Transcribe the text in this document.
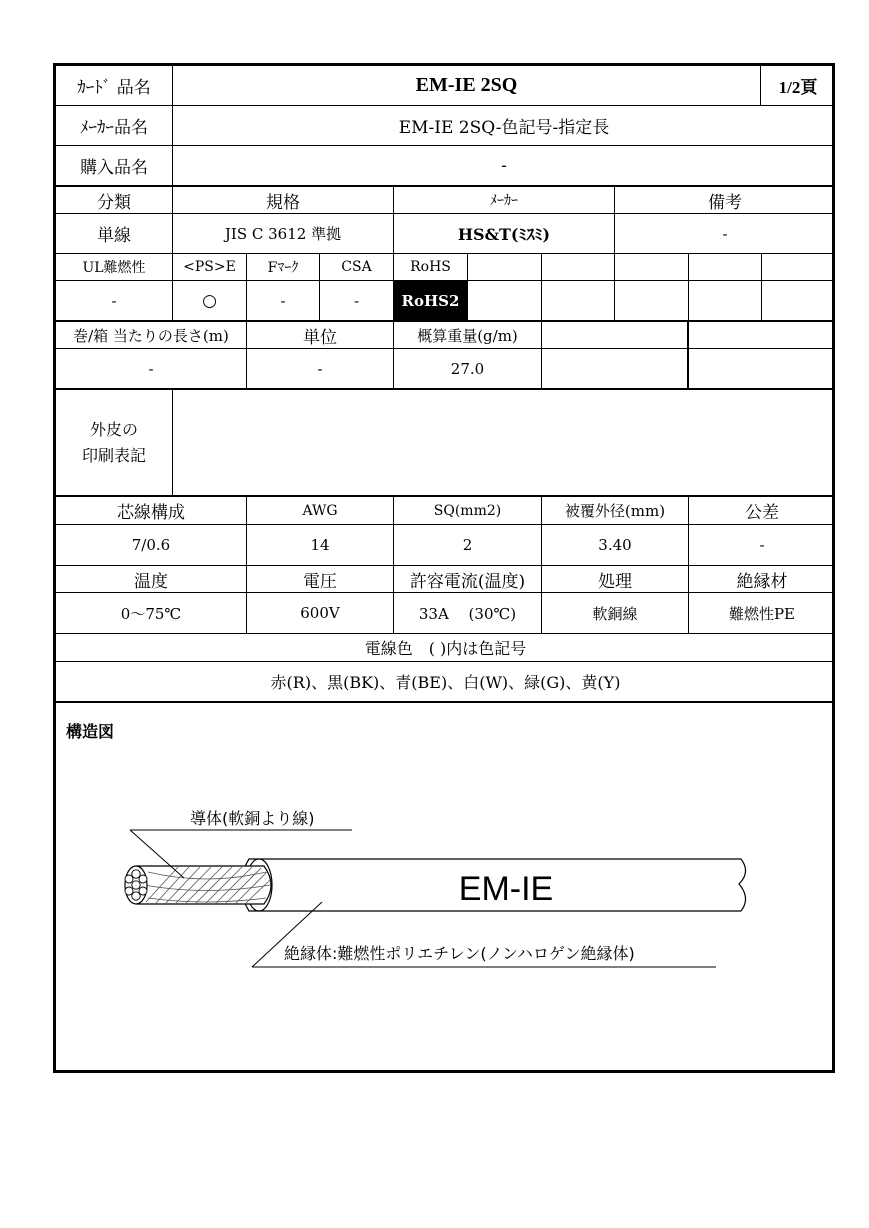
ｶｰﾄﾞ 品名	EM-IE 2SQ	1/2頁
ﾒｰｶｰ品名	EM-IE 2SQ-色記号-指定長
購入品名	-
分類	規格	ﾒｰｶｰ	備考
単線	JIS C 3612 準拠	HS&T(ﾐｽﾐ)	-
UL難燃性	<PS>E	Fﾏｰｸ	CSA	RoHS
-	○	-	-	RoHS2
巻/箱 当たりの長さ(m)	単位	概算重量(g/m)
-	-	27.0
外皮の
印刷表記
芯線構成	AWG	SQ(mm2)	被覆外径(mm)	公差
7/0.6	14	2	3.40	-
温度	電圧	許容電流(温度)	処理	絶縁材
0～75℃	600V	33A　 (30℃)	軟銅線	難燃性PE
電線色　( )内は色記号
赤(R)、黒(BK)、青(BE)、白(W)、緑(G)、黄(Y)
構造図
EM-IE
導体(軟銅より線)
絶縁体:難燃性ポリエチレン(ノンハロゲン絶縁体)
